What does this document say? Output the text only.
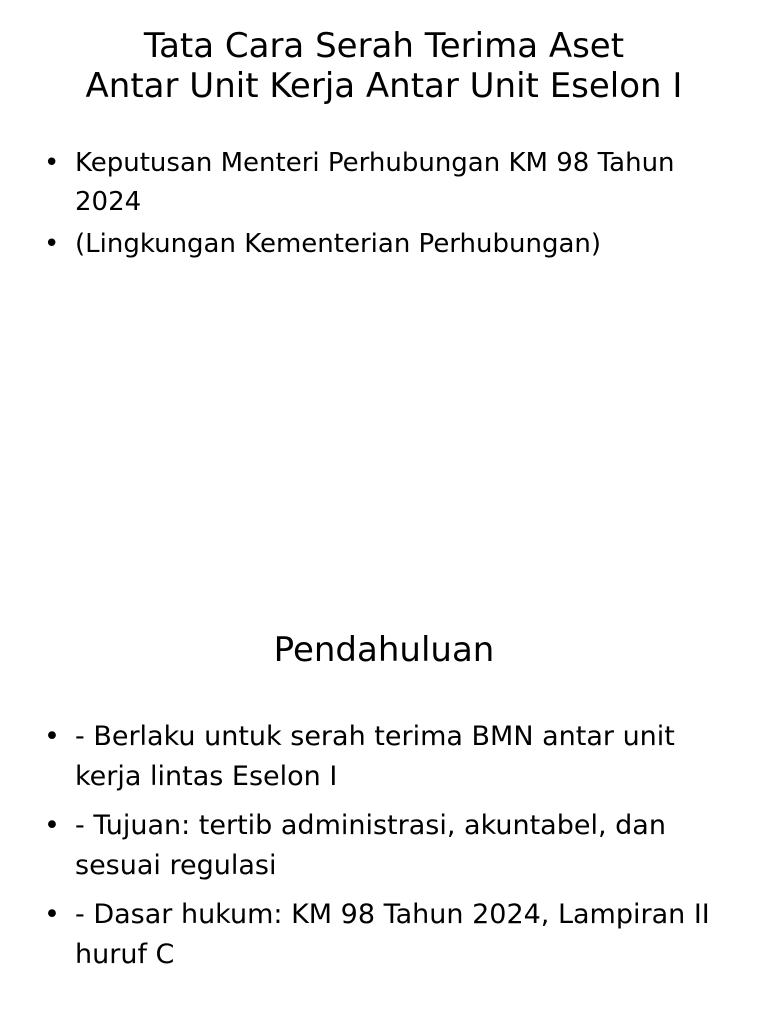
Tata Cara Serah Terima Aset
Antar Unit Kerja Antar Unit Eselon I
• Keputusan Menteri Perhubungan KM 98 Tahun 2024
• (Lingkungan Kementerian Perhubungan)
Pendahuluan
• - Berlaku untuk serah terima BMN antar unit kerja lintas Eselon I
• - Tujuan: tertib administrasi, akuntabel, dan sesuai regulasi
• - Dasar hukum: KM 98 Tahun 2024, Lampiran II huruf C
